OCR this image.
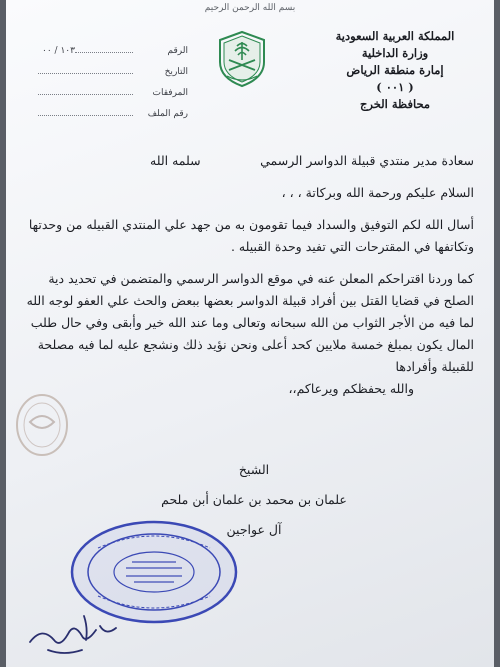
بسم الله الرحمن الرحيم
المملكة العربية السعودية
وزارة الداخلية
إمارة منطقة الرياض
( ٠٠١ )
محافظة الخرج
الرقم
١٠٣ / ٠٠
التاريخ
المرفقات
رقم الملف

سعادة مدير منتدي قبيلة الدواسر الرسمي
سلمه الله

السلام عليكم ورحمة الله وبركاتة ، ، ،

أسال الله لكم التوفيق والسداد فيما تقومون به من جهد علي المنتدي القبيله من وحدتها وتكاتفها في المقترحات التي تفيد وحدة القبيله .

كما وردنا اقتراحكم المعلن عنه في موقع الدواسر الرسمي والمتضمن في تحديد دية الصلح في قضايا القتل بين أفراد قبيلة الدواسر بعضها ببعض والحث علي العفو لوجه الله لما فيه من الأجر الثواب من الله سبحانه وتعالى وما عند الله خير وأبقى وفي حال طلب المال يكون بمبلغ خمسة ملايين كحد أعلى ونحن نؤيد ذلك ونشجع عليه لما فيه مصلحة للقبيلة وأفرادها

والله يحفظكم ويرعاكم،،

الشيخ
علمان بن محمد بن علمان أبن ملحم
آل عواجين
